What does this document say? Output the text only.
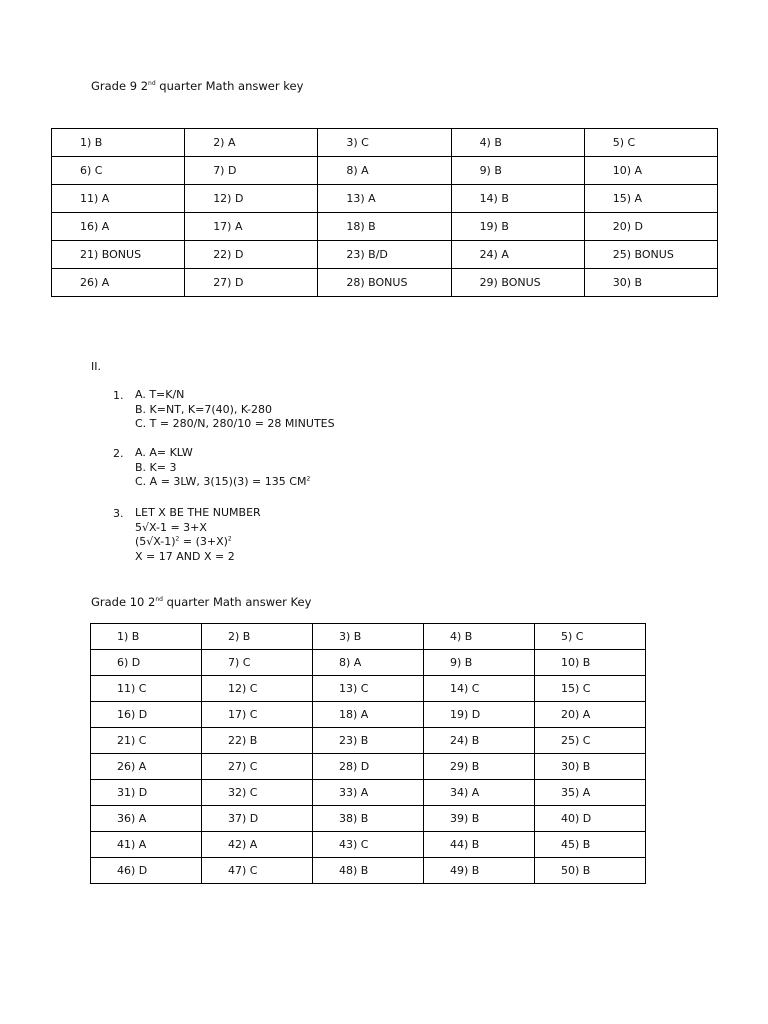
Grade 9 2nd quarter Math answer key
1) B	2) A	3) C	4) B	5) C
6) C	7) D	8) A	9) B	10) A
11) A	12) D	13) A	14) B	15) A
16) A	17) A	18) B	19) B	20) D
21) BONUS	22) D	23) B/D	24) A	25) BONUS
26) A	27) D	28) BONUS	29) BONUS	30) B
II.
1.	A. T=K/N
B. K=NT, K=7(40), K-280
C. T = 280/N, 280/10 = 28 MINUTES
2.	A. A= KLW
B. K= 3
C. A = 3LW, 3(15)(3) = 135 $CM^2$
3.	LET X BE THE NUMBER
5√X-1 = 3+X
$(5√X-1)^2 = (3+X)^2$
X = 17 AND X = 2
Grade 10 2nd quarter Math answer Key
1) B	2) B	3) B	4) B	5) C
6) D	7) C	8) A	9) B	10) B
11) C	12) C	13) C	14) C	15) C
16) D	17) C	18) A	19) D	20) A
21) C	22) B	23) B	24) B	25) C
26) A	27) C	28) D	29) B	30) B
31) D	32) C	33) A	34) A	35) A
36) A	37) D	38) B	39) B	40) D
41) A	42) A	43) C	44) B	45) B
46) D	47) C	48) B	49) B	50) B
